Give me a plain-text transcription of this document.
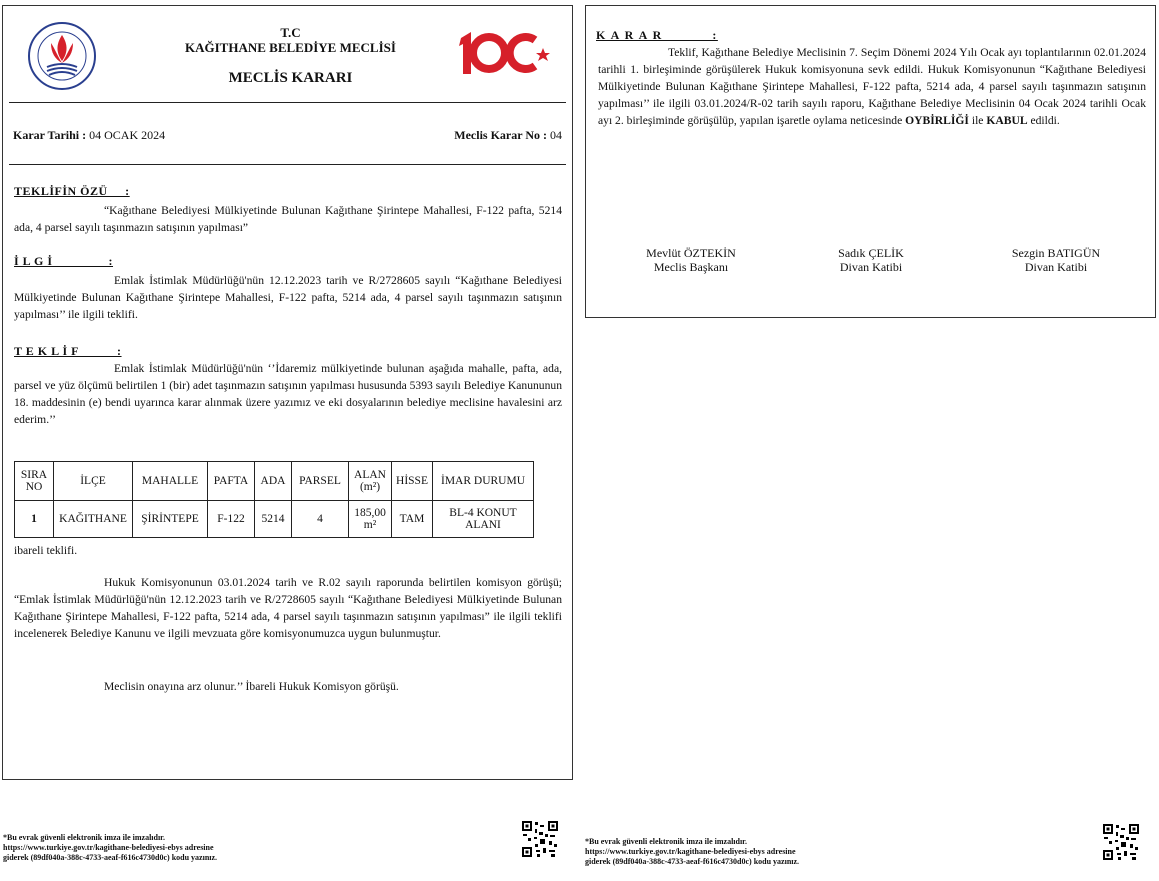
T.C
KAĞITHANE BELEDİYE MECLİSİ
MECLİS KARARI
Karar Tarihi : 04 OCAK 2024	Meclis Karar No : 04
TEKLİFİN ÖZÜ     :
“Kağıthane Belediyesi Mülkiyetinde Bulunan Kağıthane Şirintepe Mahallesi, F-122 pafta, 5214 ada, 4 parsel sayılı taşınmazın satışının yapılması”
İ L G İ                :
Emlak İstimlak Müdürlüğü'nün 12.12.2023 tarih ve R/2728605 sayılı “Kağıthane Belediyesi Mülkiyetinde Bulunan Kağıthane Şirintepe Mahallesi, F-122 pafta, 5214 ada, 4 parsel sayılı taşınmazın satışının yapılması’’ ile ilgili teklifi.
T E K L İ F           :
Emlak İstimlak Müdürlüğü'nün ‘’İdaremiz mülkiyetinde bulunan aşağıda mahalle, pafta, ada, parsel ve yüz ölçümü belirtilen 1 (bir) adet taşınmazın satışının yapılması hususunda 5393 sayılı Belediye Kanununun 18. maddesinin (e) bendi uyarınca karar alınmak üzere yazımız ve eki dosyalarının belediye meclisine havalesini arz ederim.’’
SIRA NO	İLÇE	MAHALLE	PAFTA	ADA	PARSEL	ALAN (m²)	HİSSE	İMAR DURUMU
1	KAĞITHANE	ŞİRİNTEPE	F-122	5214	4	185,00 m²	TAM	BL-4 KONUT ALANI
ibareli teklifi.
Hukuk Komisyonunun 03.01.2024 tarih ve R.02 sayılı raporunda belirtilen komisyon görüşü; “Emlak İstimlak Müdürlüğü'nün 12.12.2023 tarih ve R/2728605 sayılı “Kağıthane Belediyesi Mülkiyetinde Bulunan Kağıthane Şirintepe Mahallesi, F-122 pafta, 5214 ada, 4 parsel sayılı taşınmazın satışının yapılması” ile ilgili teklifi incelenerek Belediye Kanunu ve ilgili mevzuata göre komisyonumuzca uygun bulunmuştur.
Meclisin onayına arz olunur.’’ İbareli Hukuk Komisyon görüşü.
K A R A R           :
Teklif, Kağıthane Belediye Meclisinin 7. Seçim Dönemi 2024 Yılı Ocak ayı toplantılarının 02.01.2024 tarihli 1. birleşiminde görüşülerek Hukuk komisyonuna sevk edildi. Hukuk Komisyonunun “Kağıthane Belediyesi Mülkiyetinde Bulunan Kağıthane Şirintepe Mahallesi, F-122 pafta, 5214 ada, 4 parsel sayılı taşınmazın satışının yapılması’’ ile ilgili 03.01.2024/R-02 tarih sayılı raporu, Kağıthane Belediye Meclisinin 04 Ocak 2024 tarihli Ocak ayı 2. birleşiminde görüşülüp, yapılan işaretle oylama neticesinde OYBİRLİĞİ ile KABUL edildi.
Mevlüt ÖZTEKİN
Meclis Başkanı
Sadık ÇELİK
Divan Katibi
Sezgin BATIGÜN
Divan Katibi
*Bu evrak güvenli elektronik imza ile imzalıdır.
https://www.turkiye.gov.tr/kagithane-belediyesi-ebys adresine
giderek (89df040a-388c-4733-aeaf-f616c4730d0c) kodu yazınız.
*Bu evrak güvenli elektronik imza ile imzalıdır.
https://www.turkiye.gov.tr/kagithane-belediyesi-ebys adresine
giderek (89df040a-388c-4733-aeaf-f616c4730d0c) kodu yazınız.
